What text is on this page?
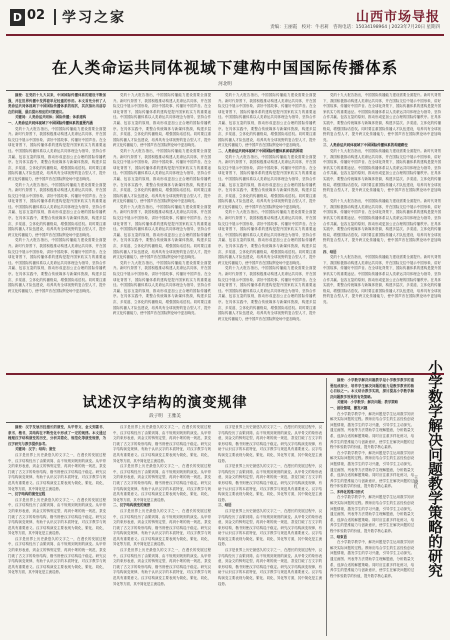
D 02 学习之家	山西市场导报
责编：王丽霞　校对：牛君莉　咨询电话：15034198964 | 2023年7月20日 星期四
在人类命运共同体视域下建构中国国际传播体系
河北明

摘要：在党的十九大以来，中国国际传播体系的建设不断加强，并在世界传播中发挥着举足轻重的作用。本文首先分析了人类命运共同体视域下中国国际传播体系的现状，其次指出当前存在的问题，最后提出相应的对策建议。

关键词：人类命运共同体；国际传播；体系建构

一、人类命运共同体视域下中国国际传播体系的重要内涵

党的十九大报告指出，中国国际传播能力建设需要全面提升。新时代背景下，我国积极推动构建人类命运共同体，并在国际交往中展示中国形象、讲好中国故事、传播好中国声音。在全球化背景下，国际传播体系的建构是提升国家软实力的重要途径。中国国际传播体系以人类命运共同体理念为指导，坚持合作共赢、包容互鉴的原则，推动形成更加公正合理的国际传播秩序。在具体实践中，要整合传统媒体与新媒体资源，构建多层次、多渠道、立体化的传播格局，增强国际话语权。同时要注重国际传播人才队伍建设，培养具有全球视野的复合型人才，提升跨文化传播能力，使中国声音在国际舆论场中更加响亮。

党的十九大报告指出，中国国际传播能力建设需要全面提升。新时代背景下，我国积极推动构建人类命运共同体，并在国际交往中展示中国形象、讲好中国故事、传播好中国声音。在全球化背景下，国际传播体系的建构是提升国家软实力的重要途径。中国国际传播体系以人类命运共同体理念为指导，坚持合作共赢、包容互鉴的原则，推动形成更加公正合理的国际传播秩序。在具体实践中，要整合传统媒体与新媒体资源，构建多层次、多渠道、立体化的传播格局，增强国际话语权。同时要注重国际传播人才队伍建设，培养具有全球视野的复合型人才，提升跨文化传播能力，使中国声音在国际舆论场中更加响亮。

党的十九大报告指出，中国国际传播能力建设需要全面提升。新时代背景下，我国积极推动构建人类命运共同体，并在国际交往中展示中国形象、讲好中国故事、传播好中国声音。在全球化背景下，国际传播体系的建构是提升国家软实力的重要途径。中国国际传播体系以人类命运共同体理念为指导，坚持合作共赢、包容互鉴的原则，推动形成更加公正合理的国际传播秩序。在具体实践中，要整合传统媒体与新媒体资源，构建多层次、多渠道、立体化的传播格局，增强国际话语权。同时要注重国际传播人才队伍建设，培养具有全球视野的复合型人才，提升跨文化传播能力，使中国声音在国际舆论场中更加响亮。

党的十九大报告指出，中国国际传播能力建设需要全面提升。新时代背景下，我国积极推动构建人类命运共同体，并在国际交往中展示中国形象、讲好中国故事、传播好中国声音。在全球化背景下，国际传播体系的建构是提升国家软实力的重要途径。中国国际传播体系以人类命运共同体理念为指导，坚持合作共赢、包容互鉴的原则，推动形成更加公正合理的国际传播秩序。在具体实践中，要整合传统媒体与新媒体资源，构建多层次、多渠道、立体化的传播格局，增强国际话语权。同时要注重国际传播人才队伍建设，培养具有全球视野的复合型人才，提升跨文化传播能力，使中国声音在国际舆论场中更加响亮。

党的十九大报告指出，中国国际传播能力建设需要全面提升。新时代背景下，我国积极推动构建人类命运共同体，并在国际交往中展示中国形象、讲好中国故事、传播好中国声音。在全球化背景下，国际传播体系的建构是提升国家软实力的重要途径。中国国际传播体系以人类命运共同体理念为指导，坚持合作共赢、包容互鉴的原则，推动形成更加公正合理的国际传播秩序。在具体实践中，要整合传统媒体与新媒体资源，构建多层次、多渠道、立体化的传播格局，增强国际话语权。同时要注重国际传播人才队伍建设，培养具有全球视野的复合型人才，提升跨文化传播能力，使中国声音在国际舆论场中更加响亮。

党的十九大报告指出，中国国际传播能力建设需要全面提升。新时代背景下，我国积极推动构建人类命运共同体，并在国际交往中展示中国形象、讲好中国故事、传播好中国声音。在全球化背景下，国际传播体系的建构是提升国家软实力的重要途径。中国国际传播体系以人类命运共同体理念为指导，坚持合作共赢、包容互鉴的原则，推动形成更加公正合理的国际传播秩序。在具体实践中，要整合传统媒体与新媒体资源，构建多层次、多渠道、立体化的传播格局，增强国际话语权。同时要注重国际传播人才队伍建设，培养具有全球视野的复合型人才，提升跨文化传播能力，使中国声音在国际舆论场中更加响亮。

党的十九大报告指出，中国国际传播能力建设需要全面提升。新时代背景下，我国积极推动构建人类命运共同体，并在国际交往中展示中国形象、讲好中国故事、传播好中国声音。在全球化背景下，国际传播体系的建构是提升国家软实力的重要途径。中国国际传播体系以人类命运共同体理念为指导，坚持合作共赢、包容互鉴的原则，推动形成更加公正合理的国际传播秩序。在具体实践中，要整合传统媒体与新媒体资源，构建多层次、多渠道、立体化的传播格局，增强国际话语权。同时要注重国际传播人才队伍建设，培养具有全球视野的复合型人才，提升跨文化传播能力，使中国声音在国际舆论场中更加响亮。

党的十九大报告指出，中国国际传播能力建设需要全面提升。新时代背景下，我国积极推动构建人类命运共同体，并在国际交往中展示中国形象、讲好中国故事、传播好中国声音。在全球化背景下，国际传播体系的建构是提升国家软实力的重要途径。中国国际传播体系以人类命运共同体理念为指导，坚持合作共赢、包容互鉴的原则，推动形成更加公正合理的国际传播秩序。在具体实践中，要整合传统媒体与新媒体资源，构建多层次、多渠道、立体化的传播格局，增强国际话语权。同时要注重国际传播人才队伍建设，培养具有全球视野的复合型人才，提升跨文化传播能力，使中国声音在国际舆论场中更加响亮。

二、人类命运共同体视域下中国国际传播体系面临的困境

党的十九大报告指出，中国国际传播能力建设需要全面提升。新时代背景下，我国积极推动构建人类命运共同体，并在国际交往中展示中国形象、讲好中国故事、传播好中国声音。在全球化背景下，国际传播体系的建构是提升国家软实力的重要途径。中国国际传播体系以人类命运共同体理念为指导，坚持合作共赢、包容互鉴的原则，推动形成更加公正合理的国际传播秩序。在具体实践中，要整合传统媒体与新媒体资源，构建多层次、多渠道、立体化的传播格局，增强国际话语权。同时要注重国际传播人才队伍建设，培养具有全球视野的复合型人才，提升跨文化传播能力，使中国声音在国际舆论场中更加响亮。

党的十九大报告指出，中国国际传播能力建设需要全面提升。新时代背景下，我国积极推动构建人类命运共同体，并在国际交往中展示中国形象、讲好中国故事、传播好中国声音。在全球化背景下，国际传播体系的建构是提升国家软实力的重要途径。中国国际传播体系以人类命运共同体理念为指导，坚持合作共赢、包容互鉴的原则，推动形成更加公正合理的国际传播秩序。在具体实践中，要整合传统媒体与新媒体资源，构建多层次、多渠道、立体化的传播格局，增强国际话语权。同时要注重国际传播人才队伍建设，培养具有全球视野的复合型人才，提升跨文化传播能力，使中国声音在国际舆论场中更加响亮。

党的十九大报告指出，中国国际传播能力建设需要全面提升。新时代背景下，我国积极推动构建人类命运共同体，并在国际交往中展示中国形象、讲好中国故事、传播好中国声音。在全球化背景下，国际传播体系的建构是提升国家软实力的重要途径。中国国际传播体系以人类命运共同体理念为指导，坚持合作共赢、包容互鉴的原则，推动形成更加公正合理的国际传播秩序。在具体实践中，要整合传统媒体与新媒体资源，构建多层次、多渠道、立体化的传播格局，增强国际话语权。同时要注重国际传播人才队伍建设，培养具有全球视野的复合型人才，提升跨文化传播能力，使中国声音在国际舆论场中更加响亮。

党的十九大报告指出，中国国际传播能力建设需要全面提升。新时代背景下，我国积极推动构建人类命运共同体，并在国际交往中展示中国形象、讲好中国故事、传播好中国声音。在全球化背景下，国际传播体系的建构是提升国家软实力的重要途径。中国国际传播体系以人类命运共同体理念为指导，坚持合作共赢、包容互鉴的原则，推动形成更加公正合理的国际传播秩序。在具体实践中，要整合传统媒体与新媒体资源，构建多层次、多渠道、立体化的传播格局，增强国际话语权。同时要注重国际传播人才队伍建设，培养具有全球视野的复合型人才，提升跨文化传播能力，使中国声音在国际舆论场中更加响亮。

三、人类命运共同体视域下中国国际传播体系的构建路径

党的十九大报告指出，中国国际传播能力建设需要全面提升。新时代背景下，我国积极推动构建人类命运共同体，并在国际交往中展示中国形象、讲好中国故事、传播好中国声音。在全球化背景下，国际传播体系的建构是提升国家软实力的重要途径。中国国际传播体系以人类命运共同体理念为指导，坚持合作共赢、包容互鉴的原则，推动形成更加公正合理的国际传播秩序。在具体实践中，要整合传统媒体与新媒体资源，构建多层次、多渠道、立体化的传播格局，增强国际话语权。同时要注重国际传播人才队伍建设，培养具有全球视野的复合型人才，提升跨文化传播能力，使中国声音在国际舆论场中更加响亮。

党的十九大报告指出，中国国际传播能力建设需要全面提升。新时代背景下，我国积极推动构建人类命运共同体，并在国际交往中展示中国形象、讲好中国故事、传播好中国声音。在全球化背景下，国际传播体系的建构是提升国家软实力的重要途径。中国国际传播体系以人类命运共同体理念为指导，坚持合作共赢、包容互鉴的原则，推动形成更加公正合理的国际传播秩序。在具体实践中，要整合传统媒体与新媒体资源，构建多层次、多渠道、立体化的传播格局，增强国际话语权。同时要注重国际传播人才队伍建设，培养具有全球视野的复合型人才，提升跨文化传播能力，使中国声音在国际舆论场中更加响亮。

四、结语

党的十九大报告指出，中国国际传播能力建设需要全面提升。新时代背景下，我国积极推动构建人类命运共同体，并在国际交往中展示中国形象、讲好中国故事、传播好中国声音。在全球化背景下，国际传播体系的建构是提升国家软实力的重要途径。中国国际传播体系以人类命运共同体理念为指导，坚持合作共赢、包容互鉴的原则，推动形成更加公正合理的国际传播秩序。在具体实践中，要整合传统媒体与新媒体资源，构建多层次、多渠道、立体化的传播格局，增强国际话语权。同时要注重国际传播人才队伍建设，培养具有全球视野的复合型人才，提升跨文化传播能力，使中国声音在国际舆论场中更加响亮。

试述汉字结构的演变规律
段子明　王雅美

摘要：汉字发展历经漫长的演变，从甲骨文、金文到篆书、隶书、楷书，其结构在不断变化中形成了一定的规律。本文通过梳理汉字结构演变的历史，分析其简化、规范化等演变规律，为汉字研究与教学提供参考。

关键词：汉字；结构；演变

汉字是世界上历史最悠久的文字之一，在漫长的发展过程中，汉字结构经历了由繁到简、由不规则到规则的演变。从甲骨文的象形表意，到金文的铸刻定型，再到小篆的统一规范，隶变打破了古文字的象形结构，楷书则使汉字结构趋于稳定。研究汉字结构演变规律，有助于认识汉字的本质特征，对汉字教学与规范具有重要意义。汉字结构演变主要表现为简化、繁化、同化、异化等方面，其中简化是主流趋势。

一、汉字结构的演变过程

汉字是世界上历史最悠久的文字之一，在漫长的发展过程中，汉字结构经历了由繁到简、由不规则到规则的演变。从甲骨文的象形表意，到金文的铸刻定型，再到小篆的统一规范，隶变打破了古文字的象形结构，楷书则使汉字结构趋于稳定。研究汉字结构演变规律，有助于认识汉字的本质特征，对汉字教学与规范具有重要意义。汉字结构演变主要表现为简化、繁化、同化、异化等方面，其中简化是主流趋势。

汉字是世界上历史最悠久的文字之一，在漫长的发展过程中，汉字结构经历了由繁到简、由不规则到规则的演变。从甲骨文的象形表意，到金文的铸刻定型，再到小篆的统一规范，隶变打破了古文字的象形结构，楷书则使汉字结构趋于稳定。研究汉字结构演变规律，有助于认识汉字的本质特征，对汉字教学与规范具有重要意义。汉字结构演变主要表现为简化、繁化、同化、异化等方面，其中简化是主流趋势。

汉字是世界上历史最悠久的文字之一，在漫长的发展过程中，汉字结构经历了由繁到简、由不规则到规则的演变。从甲骨文的象形表意，到金文的铸刻定型，再到小篆的统一规范，隶变打破了古文字的象形结构，楷书则使汉字结构趋于稳定。研究汉字结构演变规律，有助于认识汉字的本质特征，对汉字教学与规范具有重要意义。汉字结构演变主要表现为简化、繁化、同化、异化等方面，其中简化是主流趋势。

汉字是世界上历史最悠久的文字之一，在漫长的发展过程中，汉字结构经历了由繁到简、由不规则到规则的演变。从甲骨文的象形表意，到金文的铸刻定型，再到小篆的统一规范，隶变打破了古文字的象形结构，楷书则使汉字结构趋于稳定。研究汉字结构演变规律，有助于认识汉字的本质特征，对汉字教学与规范具有重要意义。汉字结构演变主要表现为简化、繁化、同化、异化等方面，其中简化是主流趋势。

二、汉字结构演变的规律

汉字是世界上历史最悠久的文字之一，在漫长的发展过程中，汉字结构经历了由繁到简、由不规则到规则的演变。从甲骨文的象形表意，到金文的铸刻定型，再到小篆的统一规范，隶变打破了古文字的象形结构，楷书则使汉字结构趋于稳定。研究汉字结构演变规律，有助于认识汉字的本质特征，对汉字教学与规范具有重要意义。汉字结构演变主要表现为简化、繁化、同化、异化等方面，其中简化是主流趋势。

汉字是世界上历史最悠久的文字之一，在漫长的发展过程中，汉字结构经历了由繁到简、由不规则到规则的演变。从甲骨文的象形表意，到金文的铸刻定型，再到小篆的统一规范，隶变打破了古文字的象形结构，楷书则使汉字结构趋于稳定。研究汉字结构演变规律，有助于认识汉字的本质特征，对汉字教学与规范具有重要意义。汉字结构演变主要表现为简化、繁化、同化、异化等方面，其中简化是主流趋势。

汉字是世界上历史最悠久的文字之一，在漫长的发展过程中，汉字结构经历了由繁到简、由不规则到规则的演变。从甲骨文的象形表意，到金文的铸刻定型，再到小篆的统一规范，隶变打破了古文字的象形结构，楷书则使汉字结构趋于稳定。研究汉字结构演变规律，有助于认识汉字的本质特征，对汉字教学与规范具有重要意义。汉字结构演变主要表现为简化、繁化、同化、异化等方面，其中简化是主流趋势。

汉字是世界上历史最悠久的文字之一，在漫长的发展过程中，汉字结构经历了由繁到简、由不规则到规则的演变。从甲骨文的象形表意，到金文的铸刻定型，再到小篆的统一规范，隶变打破了古文字的象形结构，楷书则使汉字结构趋于稳定。研究汉字结构演变规律，有助于认识汉字的本质特征，对汉字教学与规范具有重要意义。汉字结构演变主要表现为简化、繁化、同化、异化等方面，其中简化是主流趋势。

三、结语

汉字是世界上历史最悠久的文字之一，在漫长的发展过程中，汉字结构经历了由繁到简、由不规则到规则的演变。从甲骨文的象形表意，到金文的铸刻定型，再到小篆的统一规范，隶变打破了古文字的象形结构，楷书则使汉字结构趋于稳定。研究汉字结构演变规律，有助于认识汉字的本质特征，对汉字教学与规范具有重要意义。汉字结构演变主要表现为简化、繁化、同化、异化等方面，其中简化是主流趋势。

汉字是世界上历史最悠久的文字之一，在漫长的发展过程中，汉字结构经历了由繁到简、由不规则到规则的演变。从甲骨文的象形表意，到金文的铸刻定型，再到小篆的统一规范，隶变打破了古文字的象形结构，楷书则使汉字结构趋于稳定。研究汉字结构演变规律，有助于认识汉字的本质特征，对汉字教学与规范具有重要意义。汉字结构演变主要表现为简化、繁化、同化、异化等方面，其中简化是主流趋势。

摘要：小学数学解决问题教学是小学数学教学的重要组成部分，培养学生解决问题的能力是数学教育的核心目标之一。本文结合教学实践，探讨提高小学数学解决问题教学效果的有效策略。

关键词：小学数学；解决问题；教学策略

一、创设情境，激发兴趣

在小学数学教学中，解决问题是学生运用数学知识解决实际问题的过程。教师应结合学生的生活经验创设问题情境，激发学生的学习兴趣，引导学生主动探究。通过画图、列表等方法帮助学生理解题意，分析数量关系，选择合适的解题策略。同时应注重多样化练习，培养学生的思维能力与创新意识，使学生在解决问题的过程中体验数学的价值，提升数学核心素养。

在小学数学教学中，解决问题是学生运用数学知识解决实际问题的过程。教师应结合学生的生活经验创设问题情境，激发学生的学习兴趣，引导学生主动探究。通过画图、列表等方法帮助学生理解题意，分析数量关系，选择合适的解题策略。同时应注重多样化练习，培养学生的思维能力与创新意识，使学生在解决问题的过程中体验数学的价值，提升数学核心素养。

二、多样化的练习形式

在小学数学教学中，解决问题是学生运用数学知识解决实际问题的过程。教师应结合学生的生活经验创设问题情境，激发学生的学习兴趣，引导学生主动探究。通过画图、列表等方法帮助学生理解题意，分析数量关系，选择合适的解题策略。同时应注重多样化练习，培养学生的思维能力与创新意识，使学生在解决问题的过程中体验数学的价值，提升数学核心素养。

三、结束语

在小学数学教学中，解决问题是学生运用数学知识解决实际问题的过程。教师应结合学生的生活经验创设问题情境，激发学生的学习兴趣，引导学生主动探究。通过画图、列表等方法帮助学生理解题意，分析数量关系，选择合适的解题策略。同时应注重多样化练习，培养学生的思维能力与创新意识，使学生在解决问题的过程中体验数学的价值，提升数学核心素养。	小学数学解决问题教学策略的研究
王晓红
